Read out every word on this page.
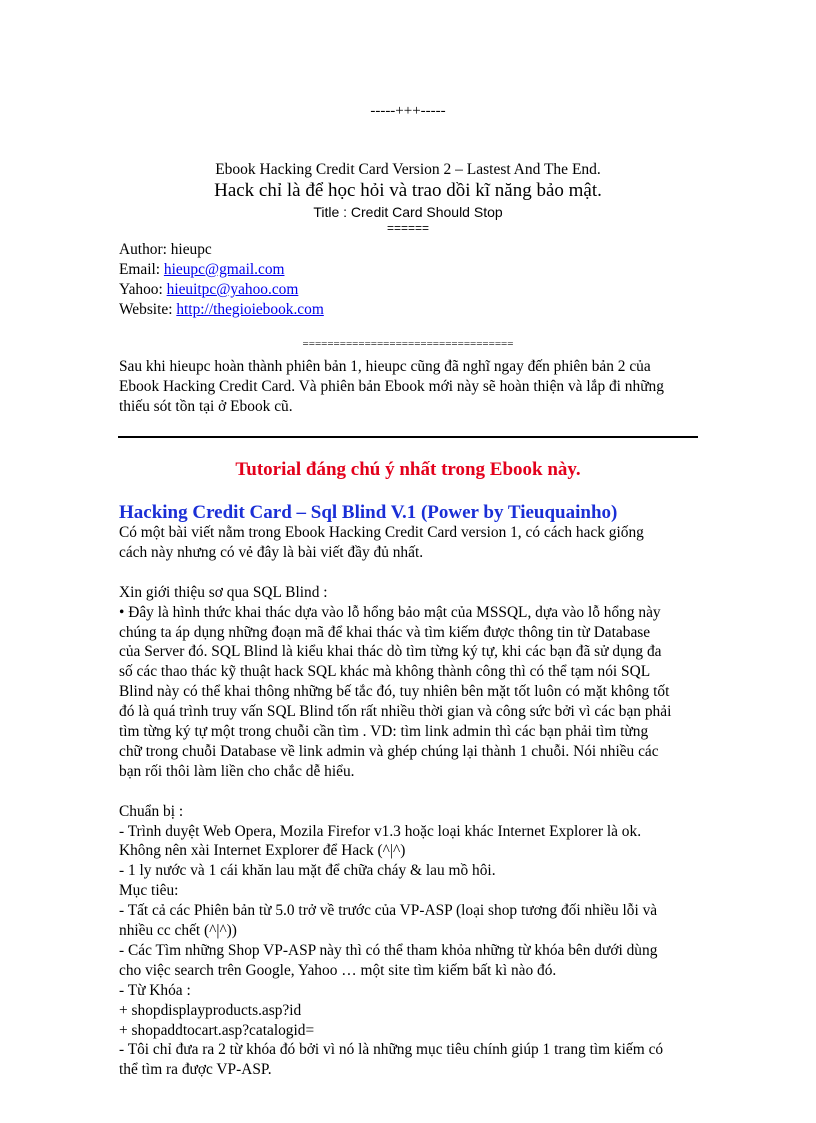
-----+++-----
Ebook Hacking Credit Card Version 2 – Lastest And The End.
Hack chỉ là để học hỏi và trao dồi kĩ năng bảo mật.
Title : Credit Card Should Stop
======
Author: hieupc
Email: hieupc@gmail.com
Yahoo: hieuitpc@yahoo.com
Website: http://thegioiebook.com
==================================
Sau khi hieupc hoàn thành phiên bản 1, hieupc cũng đã nghĩ ngay đến phiên bản 2 của
Ebook Hacking Credit Card. Và phiên bản Ebook mới này sẽ hoàn thiện và lắp đi những
thiếu sót tồn tại ở Ebook cũ.
Tutorial đáng chú ý nhất trong Ebook này.
Hacking Credit Card – Sql Blind V.1 (Power by Tieuquainho)
Có một bài viết nằm trong Ebook Hacking Credit Card version 1, có cách hack giống
cách này nhưng có vẻ đây là bài viết đầy đủ nhất.
Xin giới thiệu sơ qua SQL Blind :
• Đây là hình thức khai thác dựa vào lỗ hổng bảo mật của MSSQL, dựa vào lỗ hổng này
chúng ta áp dụng những đoạn mã để khai thác và tìm kiếm được thông tin từ Database
của Server đó. SQL Blind là kiểu khai thác dò tìm từng ký tự, khi các bạn đã sử dụng đa
số các thao thác kỹ thuật hack SQL khác mà không thành công thì có thể tạm nói SQL
Blind này có thể khai thông những bế tắc đó, tuy nhiên bên mặt tốt luôn có mặt không tốt
đó là quá trình truy vấn SQL Blind tốn rất nhiều thời gian và công sức bởi vì các bạn phải
tìm từng ký tự một trong chuỗi cần tìm . VD: tìm link admin thì các bạn phải tìm từng
chữ trong chuỗi Database về link admin và ghép chúng lại thành 1 chuỗi. Nói nhiều các
bạn rối thôi làm liền cho chắc dễ hiểu.
Chuẩn bị :
- Trình duyệt Web Opera, Mozila Firefor v1.3 hoặc loại khác Internet Explorer là ok.
Không nên xài Internet Explorer để Hack (^|^)
- 1 ly nước và 1 cái khăn lau mặt để chữa cháy & lau mồ hôi.
Mục tiêu:
- Tất cả các Phiên bản từ 5.0 trở về trước của VP-ASP (loại shop tương đối nhiều lỗi và
nhiều cc chết (^|^))
- Các Tìm những Shop VP-ASP này thì có thể tham khỏa những từ khóa bên dưới dùng
cho việc search trên Google, Yahoo … một site tìm kiếm bất kì nào đó.
- Từ Khóa :
+ shopdisplayproducts.asp?id
+ shopaddtocart.asp?catalogid=
- Tôi chỉ đưa ra 2 từ khóa đó bởi vì nó là những mục tiêu chính giúp 1 trang tìm kiếm có
thể tìm ra được VP-ASP.
